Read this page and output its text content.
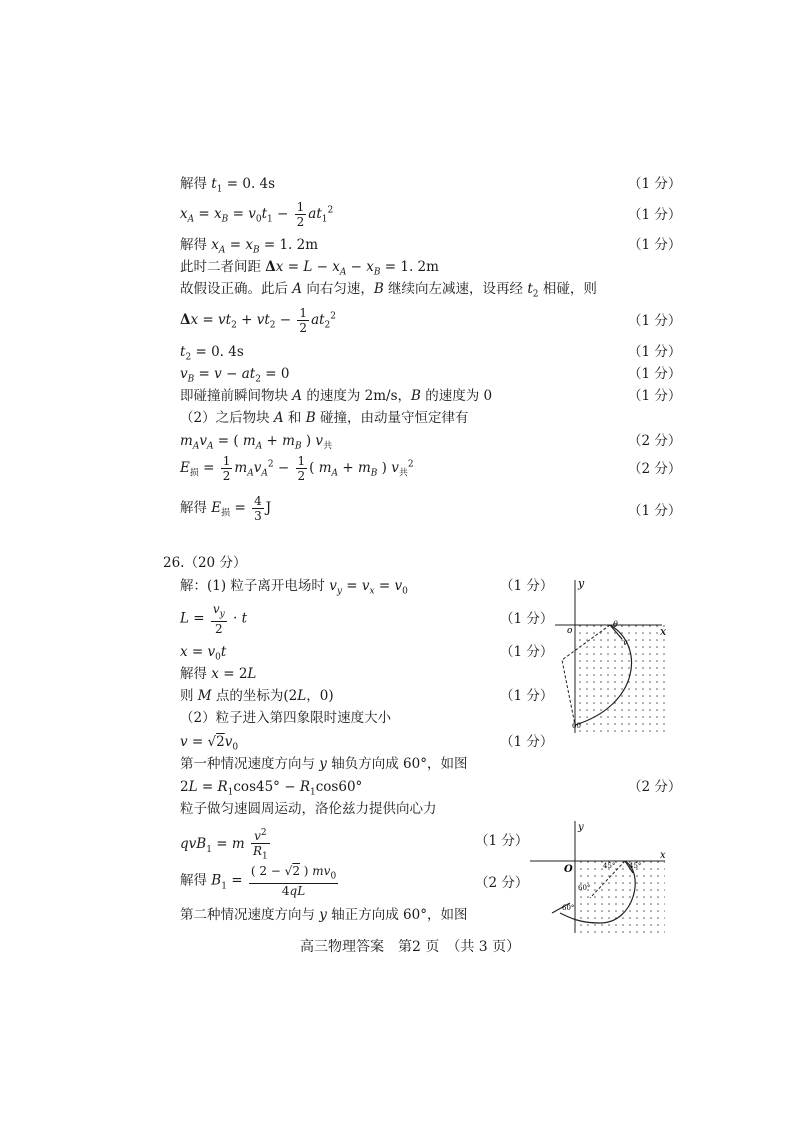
解得 $t_1 = 0$. 4s	（1 分）
$x_A = x_B = v_0t_1 - \frac{1}{2} at_1^2$	（1 分）
解得 $x_A = x_B = 1$. 2m	（1 分）
此时二者间距 $\Delta x = L - x_A - x_B = 1$. 2m
故假设正确。此后 A 向右匀速，B 继续向左减速，设再经 $t_2$ 相碰，则
$\Delta x = vt_2 + vt_2 - \frac{1}{2} at_2^2$	（1 分）
$t_2 = 0$. 4s	（1 分）
$v_B = v - at_2 = 0$	（1 分）
即碰撞前瞬间物块 A 的速度为 2m/s，B 的速度为 0	（1 分）
（2）之后物块 A 和 B 碰撞，由动量守恒定律有
$m_Av_A$ = ( $m_A + m_B$ ) $v_共$	（2 分）
$E_损 = \frac{1}{2} m_Av_A^2 - \frac{1}{2}$ ( $m_A + m_B$ ) $v_共^2$	（2 分）
解得 $E_损 = \frac{4}{3}$ J	（1 分）
26.（20 分）
解：(1) 粒子离开电场时 $v_y = v_x = v_0$	（1 分）
$L = \frac{v_y}{2} \cdot t$	（1 分）
$x = v_0t$	（1 分）
解得 x = 2L
则 M 点的坐标为(2L，0)	（1 分）
（2）粒子进入第四象限时速度大小
$v = √2v_0$	（1 分）
第一种情况速度方向与 y 轴负方向成 60°，如图
$2L = R_1\cos 45^\circ - R_1\cos 60^\circ$	（2 分）
粒子做匀速圆周运动，洛伦兹力提供向心力
qvB$_1$ = m $\frac{v^2}{R_1}$	（1 分）
解得 $B_1 = \frac{( 2 - √2 ) mv_0}{4qL}$	（2 分）
第二种情况速度方向与 y 轴正方向成 60°，如图
y
x
o
θ
v
60
y
x
O	45° 45°
60°
60°
高三物理答案　第2 页　（共 3 页）
